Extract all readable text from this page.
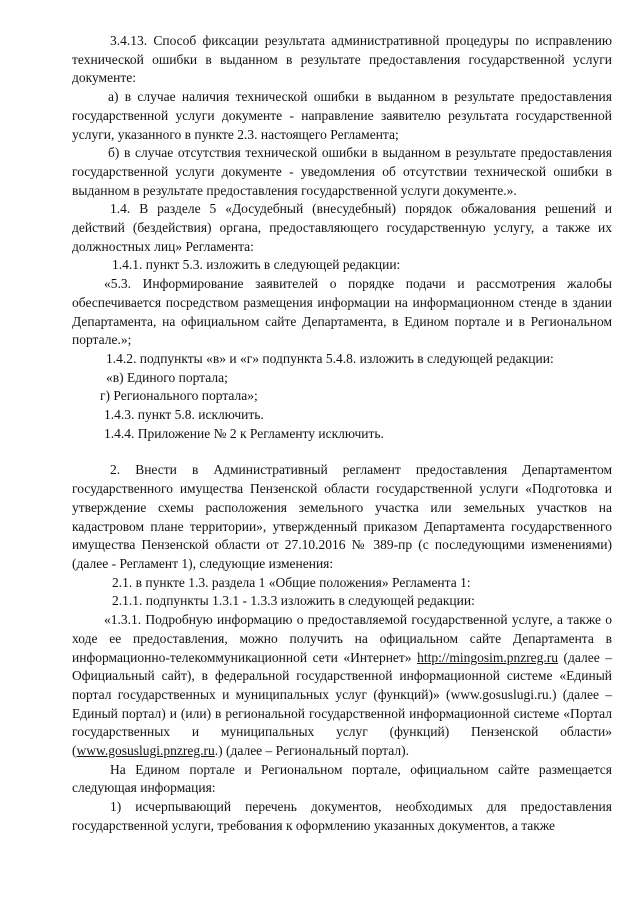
3.4.13. Способ фиксации результата административной процедуры по исправлению технической ошибки в выданном в результате предоставления государственной услуги документе:

а) в случае наличия технической ошибки в выданном в результате предоставления государственной услуги документе - направление заявителю результата государственной услуги, указанного в пункте 2.3. настоящего Регламента;

б) в случае отсутствия технической ошибки в выданном в результате предоставления государственной услуги документе - уведомления об отсутствии технической ошибки в выданном в результате предоставления государственной услуги документе.».

1.4. В разделе 5 «Досудебный (внесудебный) порядок обжалования решений и действий (бездействия) органа, предоставляющего государственную услугу, а также их должностных лиц» Регламента:

1.4.1. пункт 5.3. изложить в следующей редакции:

«5.3. Информирование заявителей о порядке подачи и рассмотрения жалобы обеспечивается посредством размещения информации на информационном стенде в здании Департамента, на официальном сайте Департамента, в Едином портале и в Региональном портале.»;

1.4.2. подпункты «в» и «г» подпункта 5.4.8. изложить в следующей редакции:

«в) Единого портала;

г) Регионального портала»;

1.4.3. пункт 5.8. исключить.

1.4.4. Приложение № 2 к Регламенту исключить.

2. Внести в Административный регламент предоставления Департаментом государственного имущества Пензенской области государственной услуги «Подготовка и утверждение схемы расположения земельного участка или земельных участков на кадастровом плане территории», утвержденный приказом Департамента государственного имущества Пензенской области от 27.10.2016 № 389-пр (с последующими изменениями) (далее - Регламент 1), следующие изменения:

2.1. в пункте 1.3. раздела 1 «Общие положения» Регламента 1:

2.1.1. подпункты 1.3.1 - 1.3.3 изложить в следующей редакции:

«1.3.1. Подробную информацию о предоставляемой государственной услуге, а также о ходе ее предоставления, можно получить на официальном сайте Департамента в информационно-телекоммуникационной сети «Интернет» http://mingosim.pnzreg.ru (далее – Официальный сайт), в федеральной государственной информационной системе «Единый портал государственных и муниципальных услуг (функций)» (www.gosuslugi.ru.) (далее – Единый портал) и (или) в региональной государственной информационной системе «Портал государственных и муниципальных услуг (функций) Пензенской области» (www.gosuslugi.pnzreg.ru.) (далее – Региональный портал).

На Едином портале и Региональном портале, официальном сайте размещается следующая информация:

1) исчерпывающий перечень документов, необходимых для предоставления государственной услуги, требования к оформлению указанных документов, а также
